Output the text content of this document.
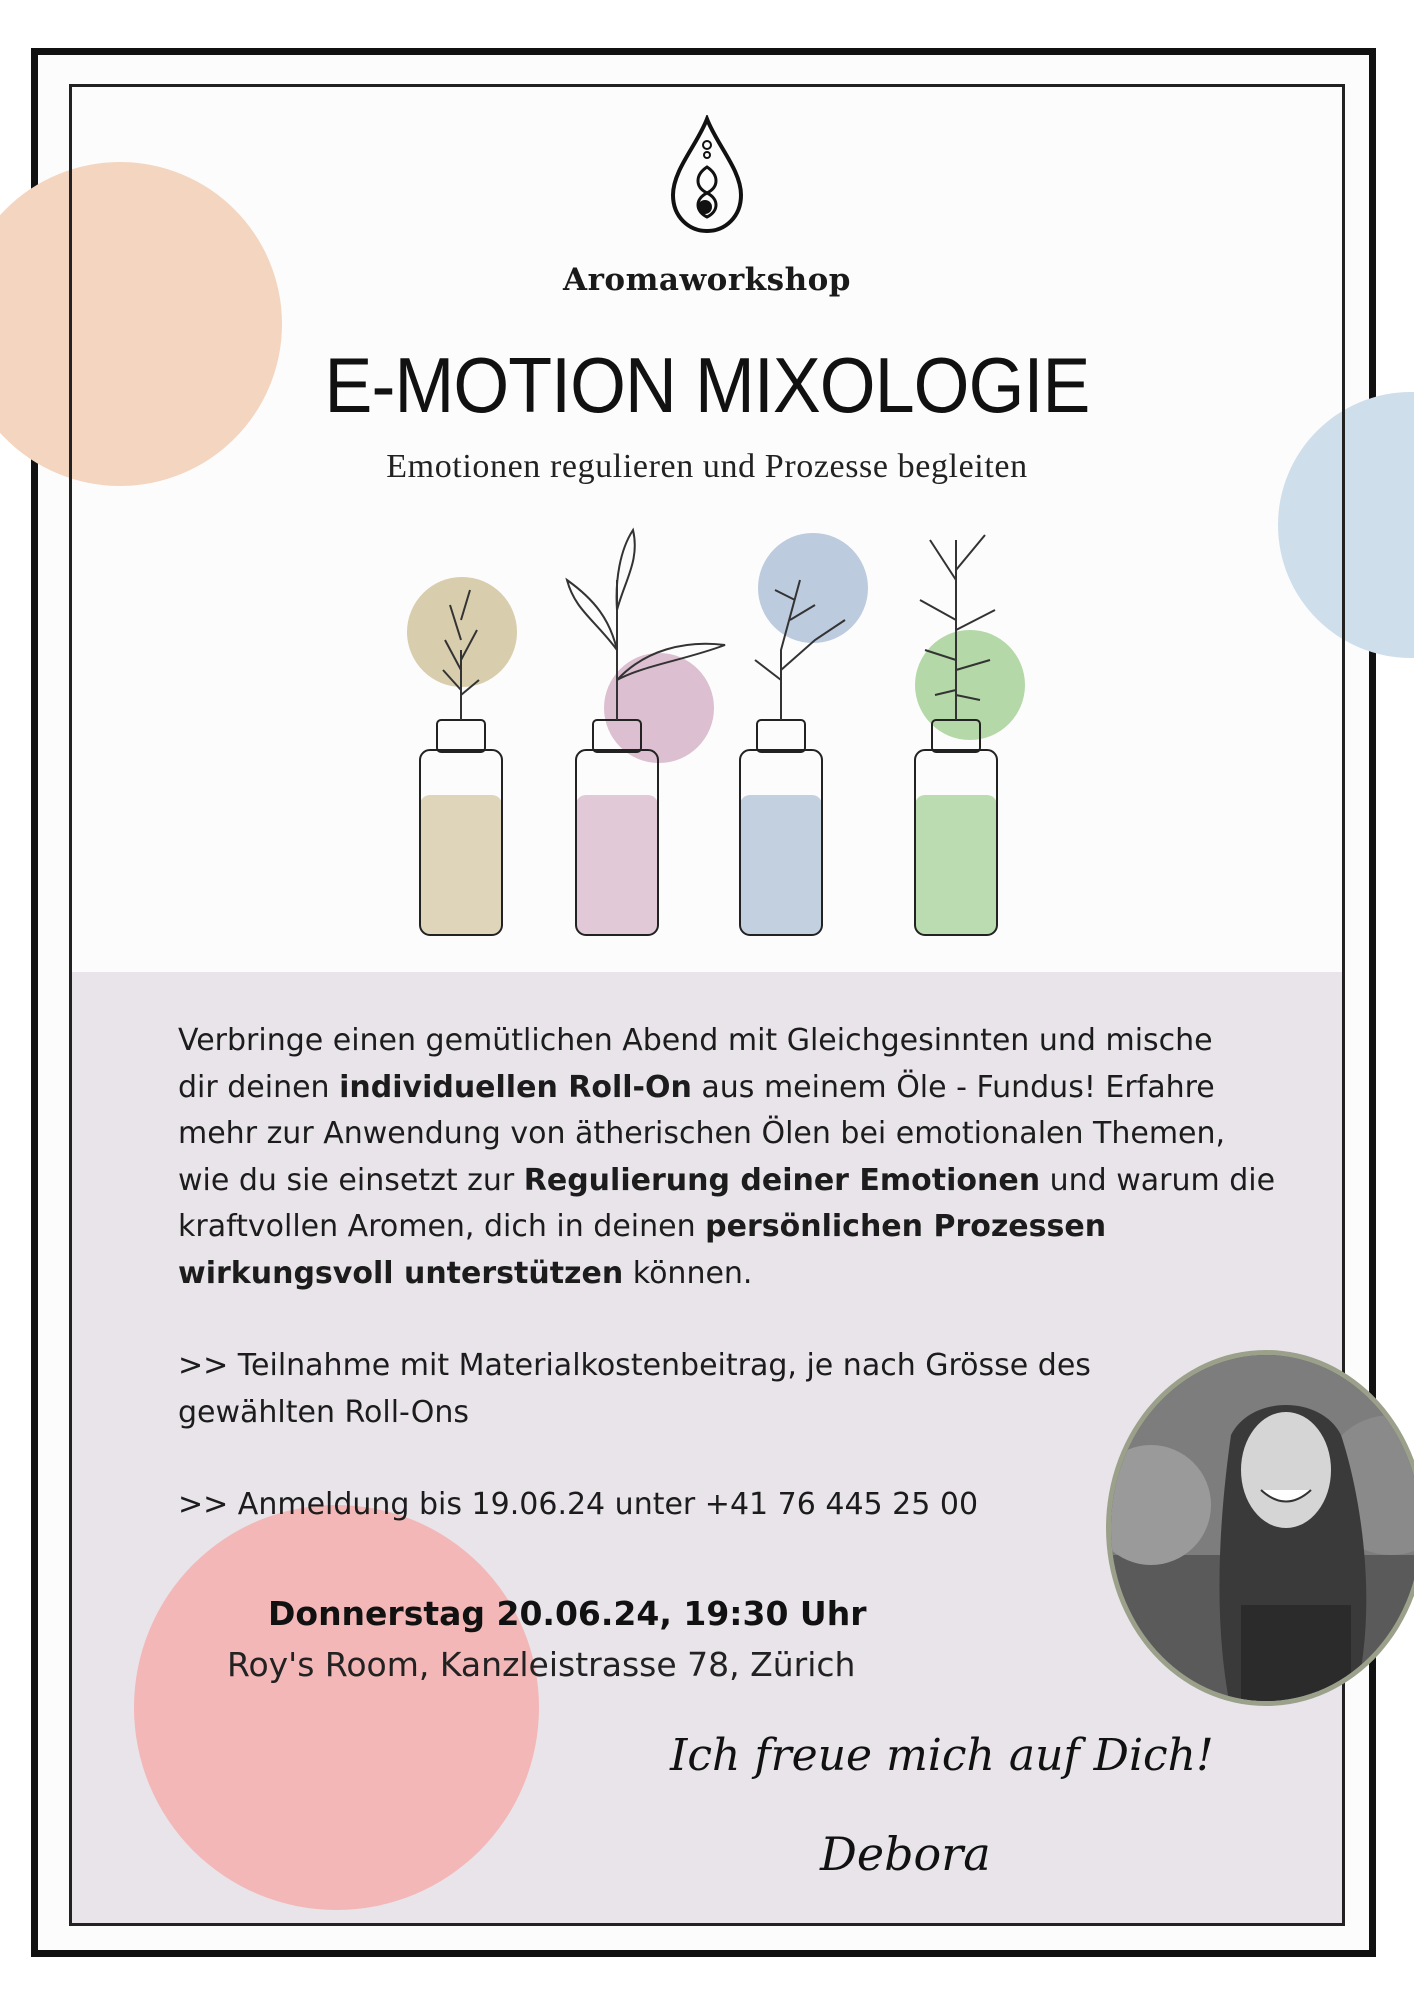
Aromaworkshop
E-MOTION MIXOLOGIE
Emotionen regulieren und Prozesse begleiten
Verbringe einen gemütlichen Abend mit Gleichgesinnten und mische
dir deinen individuellen Roll-On aus meinem Öle - Fundus! Erfahre
mehr zur Anwendung von ätherischen Ölen bei emotionalen Themen,
wie du sie einsetzt zur Regulierung deiner Emotionen und warum die
kraftvollen Aromen, dich in deinen persönlichen Prozessen
wirkungsvoll unterstützen können.
>> Teilnahme mit Materialkostenbeitrag, je nach Grösse des
gewählten Roll-Ons
>> Anmeldung bis 19.06.24 unter +41 76 445 25 00
Donnerstag 20.06.24, 19:30 Uhr
Roy's Room, Kanzleistrasse 78, Zürich
Ich freue mich auf Dich!
Debora
